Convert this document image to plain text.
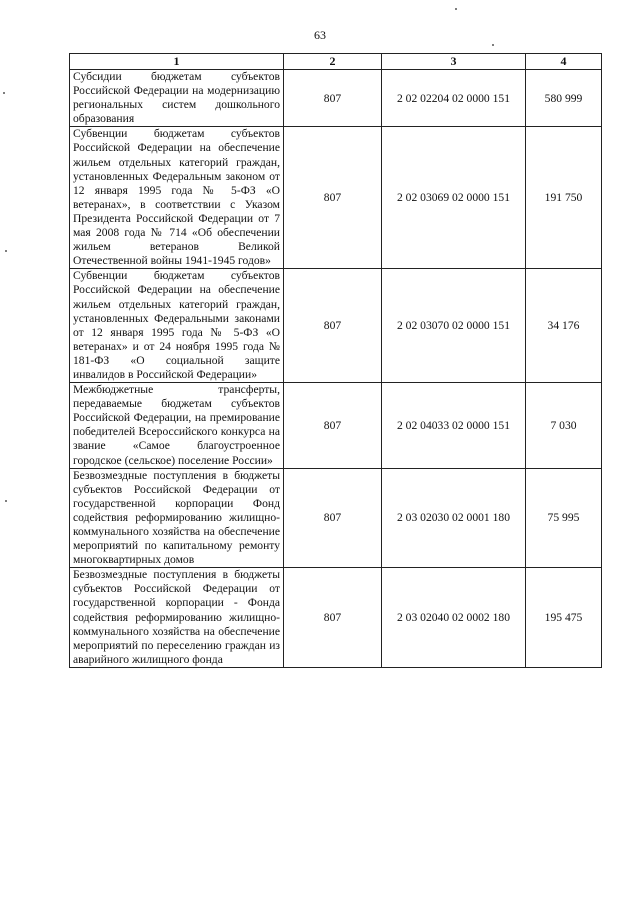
63
1	2	3	4
Субсидии бюджетам субъектов Российской Федерации на модернизацию региональных систем дошкольного образования	807	2 02 02204 02 0000 151	580 999
Субвенции бюджетам субъектов Российской Федерации на обеспечение жильем отдельных категорий граждан, установленных Федеральным законом от 12 января 1995 года № 5-ФЗ «О ветеранах», в соответствии с Указом Президента Российской Федерации от 7 мая 2008 года № 714 «Об обеспечении жильем ветеранов Великой Отечественной войны 1941-1945 годов»	807	2 02 03069 02 0000 151	191 750
Субвенции бюджетам субъектов Российской Федерации на обеспечение жильем отдельных категорий граждан, установленных Федеральными законами от 12 января 1995 года № 5-ФЗ «О ветеранах» и от 24 ноября 1995 года № 181-ФЗ «О социальной защите инвалидов в Российской Федерации»	807	2 02 03070 02 0000 151	34 176
Межбюджетные трансферты, передаваемые бюджетам субъектов Российской Федерации, на премирование победителей Всероссийского конкурса на звание «Самое благоустроенное городское (сельское) поселение России»	807	2 02 04033 02 0000 151	7 030
Безвозмездные поступления в бюджеты субъектов Российской Федерации от государственной корпорации Фонд содействия реформированию жилищно-коммунального хозяйства на обеспечение мероприятий по капитальному ремонту многоквартирных домов	807	2 03 02030 02 0001 180	75 995
Безвозмездные поступления в бюджеты субъектов Российской Федерации от государственной корпорации - Фонда содействия реформированию жилищно-коммунального хозяйства на обеспечение мероприятий по переселению граждан из аварийного жилищного фонда	807	2 03 02040 02 0002 180	195 475
